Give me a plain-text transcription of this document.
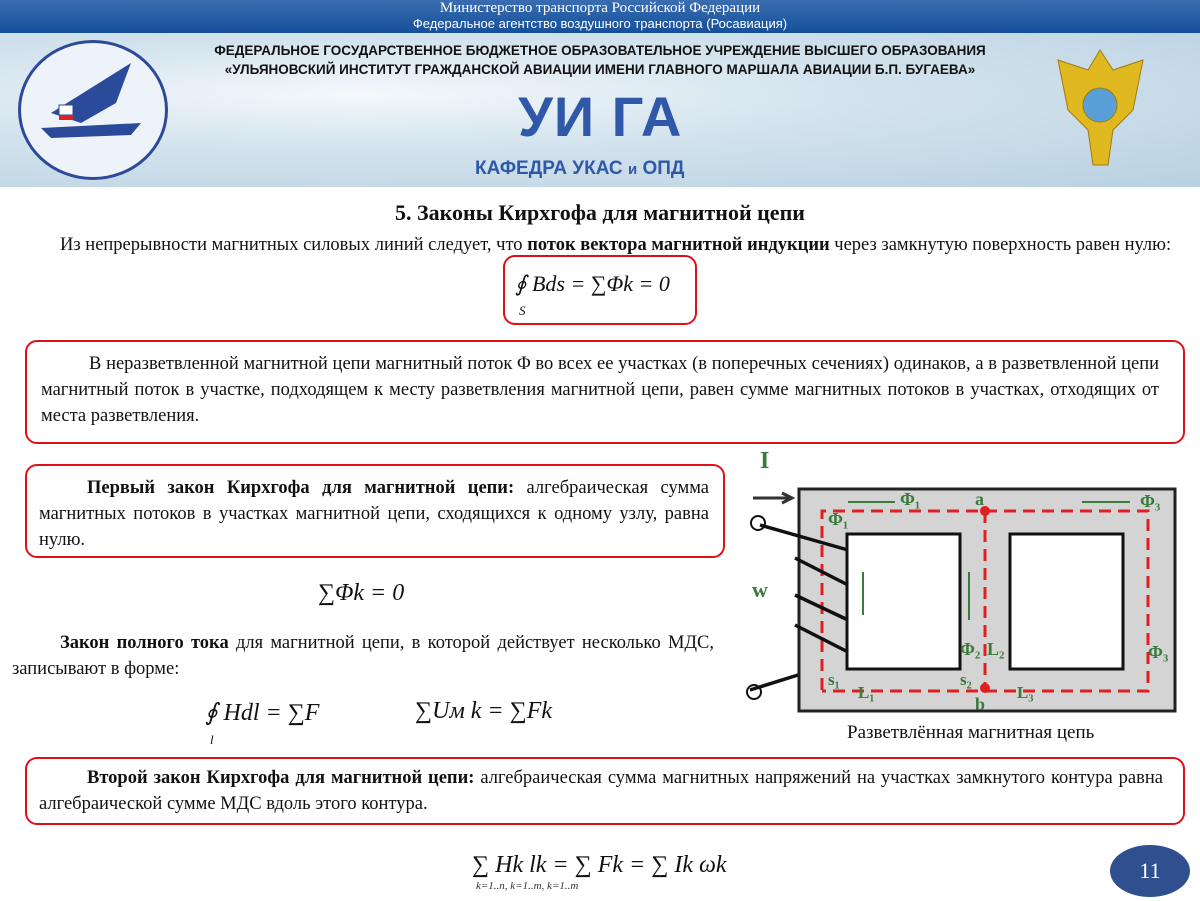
Министерство транспорта Российской Федерации
Федеральное агентство воздушного транспорта (Росавиация)
ФЕДЕРАЛЬНОЕ ГОСУДАРСТВЕННОЕ БЮДЖЕТНОЕ ОБРАЗОВАТЕЛЬНОЕ УЧРЕЖДЕНИЕ ВЫСШЕГО ОБРАЗОВАНИЯ
«УЛЬЯНОВСКИЙ ИНСТИТУТ ГРАЖДАНСКОЙ АВИАЦИИ ИМЕНИ ГЛАВНОГО МАРШАЛА АВИАЦИИ Б.П. БУГАЕВА»
УИ ГА
КАФЕДРА УКАС и ОПД
5. Законы Кирхгофа для магнитной цепи
Из непрерывности магнитных силовых линий следует, что поток вектора магнитной индукции через замкнутую поверхность равен нулю:
∮ Bds = ∑Φk = 0
S
В неразветвленной магнитной цепи магнитный поток Φ во всех ее участках (в поперечных сечениях) одинаков, а в разветвленной цепи магнитный поток в участке, подходящем к месту разветвления магнитной цепи, равен сумме магнитных потоков в участках, отходящих от места разветвления.
Первый закон Кирхгофа для магнитной цепи: алгебраическая сумма магнитных потоков в участках магнитной цепи, сходящихся к одному узлу, равна нулю.
∑Φk = 0
Закон полного тока для магнитной цепи, в которой действует несколько МДС, записывают в форме:
∮ Hdl = ∑F
l
∑Uм k = ∑Fk
I
w
Φ₁
Φ₁
a
b
Φ₃
Φ₃
Φ₂ L₂
s₁	s₂
L₁	L₃
Разветвлённая магнитная цепь
Второй закон Кирхгофа для магнитной цепи: алгебраическая сумма магнитных напряжений на участках замкнутого контура равна алгебраической сумме МДС вдоль этого контура.
∑ Hk lk = ∑ Fk = ∑ Ik ωk
k=1..n, k=1..m, k=1..m
11
